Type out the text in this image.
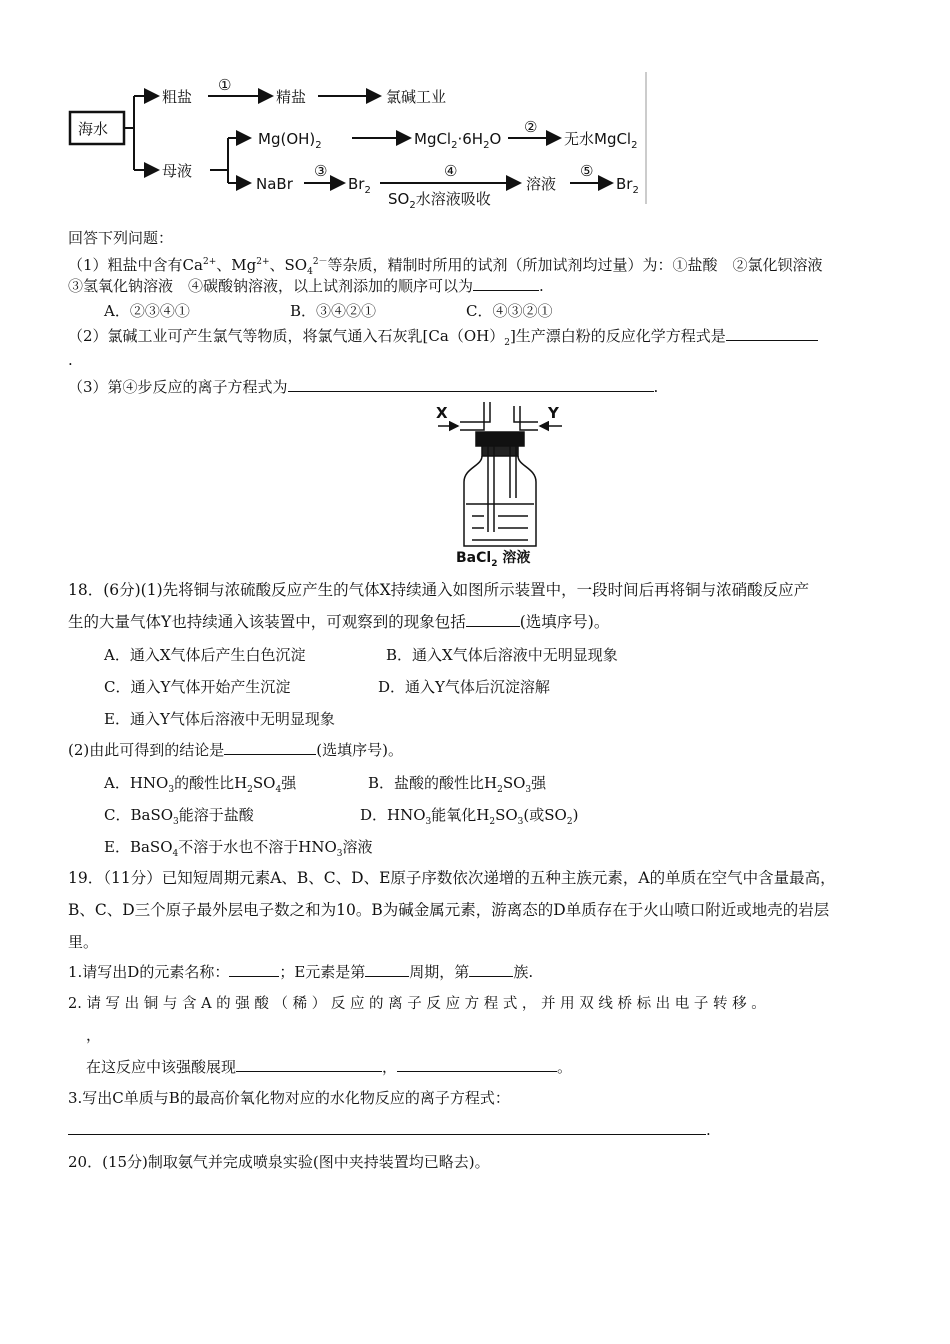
海水
粗盐
①
精盐	氯碱工业
母液
$Mg(OH)_2$	$MgCl_2\cdot 6H_2O$
②
无水MgCl$_2$
NaBr
③
$Br_2$
④
$SO_2$水溶液吸收
溶液
⑤
$Br_2$
回答下列问题：
（1）粗盐中含有$Ca^{2+}$、$Mg^{2+}$、$SO_4^{2-}$等杂质，精制时所用的试剂（所加试剂均过量）为：①盐酸　②氯化钡溶液
③氢氧化钠溶液　④碳酸钠溶液，以上试剂添加的顺序可以为	.
A．②③④①	B．③④②①	C．④③②①
（2）氯碱工业可产生氯气等物质，将氯气通入石灰乳$[Ca(OH)_2]$生产漂白粉的反应化学方程式是
.
（3）第④步反应的离子方程式为	.
X	Y
BaCl$_2$ 溶液
18．(6分)(1)先将铜与浓硫酸反应产生的气体X持续通入如图所示装置中，一段时间后再将铜与浓硝酸反应产
生的大量气体Y也持续通入该装置中，可观察到的现象包括	(选填序号)。
A．通入X气体后产生白色沉淀	B．通入X气体后溶液中无明显现象
C．通入Y气体开始产生沉淀	D．通入Y气体后沉淀溶解
E．通入Y气体后溶液中无明显现象
(2)由此可得到的结论是	(选填序号)。
A．$HNO_3$的酸性比$H_2SO_4$强	B．盐酸的酸性比$H_2SO_3$强
C．BaSO$_3$能溶于盐酸	D．$HNO_3$能氧化$H_2SO_3$(或$SO_2$)
E．BaSO$_4$不溶于水也不溶于$HNO_3$溶液
19．（11分）已知短周期元素A、B、C、D、E原子序数依次递增的五种主族元素，A的单质在空气中含量最高，
B、C、D三个原子最外层电子数之和为10。B为碱金属元素，游离态的D单质存在于火山喷口附近或地壳的岩层
里。
1.请写出D的元素名称：	；E元素是第	周期，第	族.
2. 请 写 出 铜 与 含 A 的 强 酸 （ 稀 ） 反 应 的 离 子 反 应 方 程 式 ， 并 用 双 线 桥 标 出 电 子 转 移 。
，
在这反应中该强酸展现	，	。
3.写出C单质与B的最高价氧化物对应的水化物反应的离子方程式：
.
20．(15分)制取氨气并完成喷泉实验(图中夹持装置均已略去)。
